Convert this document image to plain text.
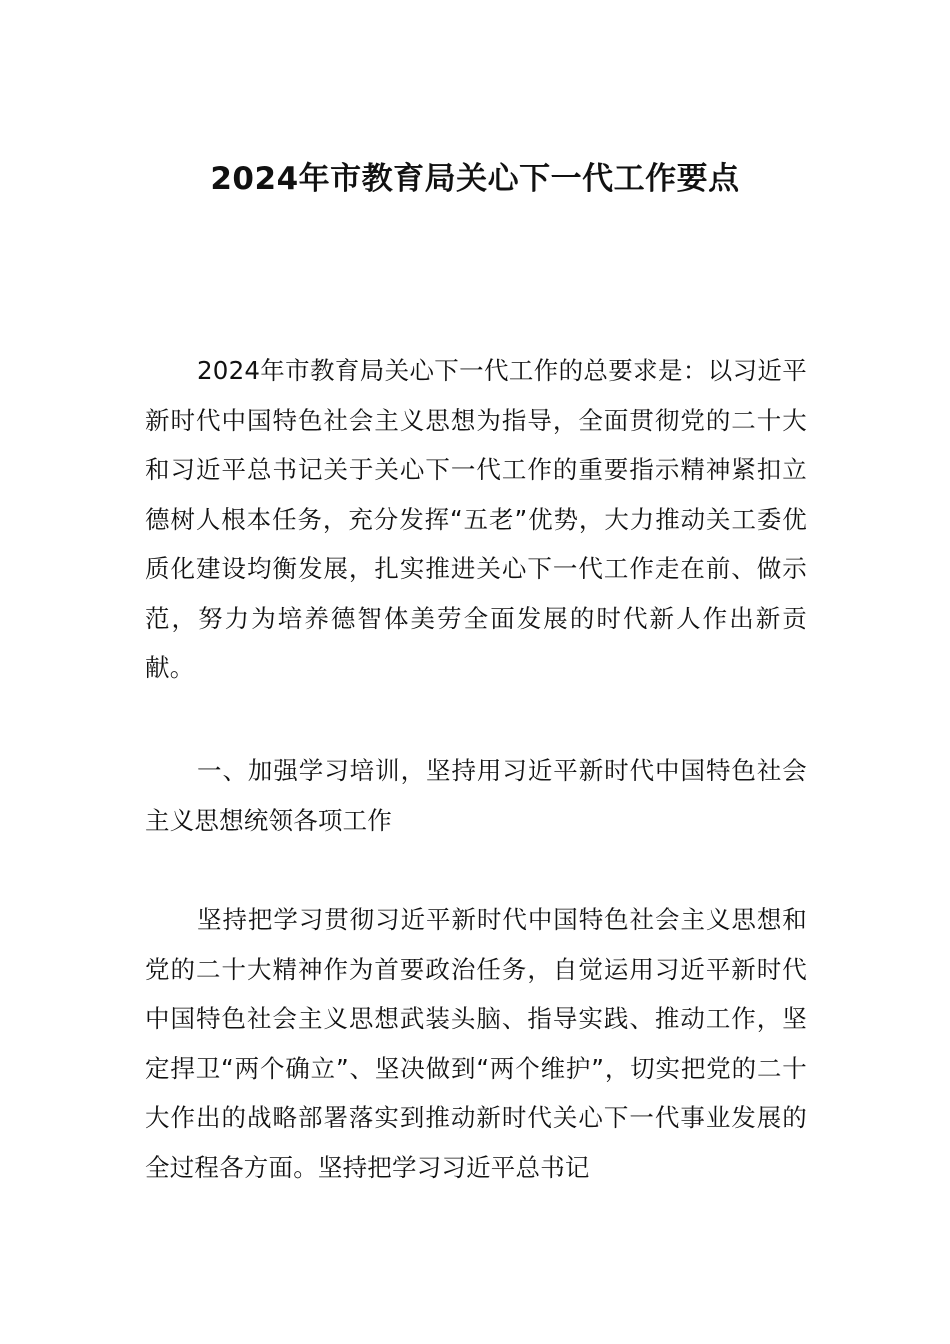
2024年市教育局关心下一代工作要点

2024年市教育局关心下一代工作的总要求是：以习近平新时代中国特色社会主义思想为指导，全面贯彻党的二十大和习近平总书记关于关心下一代工作的重要指示精神紧扣立德树人根本任务，充分发挥“五老”优势，大力推动关工委优质化建设均衡发展，扎实推进关心下一代工作走在前、做示范，努力为培养德智体美劳全面发展的时代新人作出新贡献。

一、加强学习培训，坚持用习近平新时代中国特色社会主义思想统领各项工作

坚持把学习贯彻习近平新时代中国特色社会主义思想和党的二十大精神作为首要政治任务，自觉运用习近平新时代中国特色社会主义思想武装头脑、指导实践、推动工作，坚定捍卫“两个确立”、坚决做到“两个维护”，切实把党的二十大作出的战略部署落实到推动新时代关心下一代事业发展的全过程各方面。坚持把学习习近平总书记
